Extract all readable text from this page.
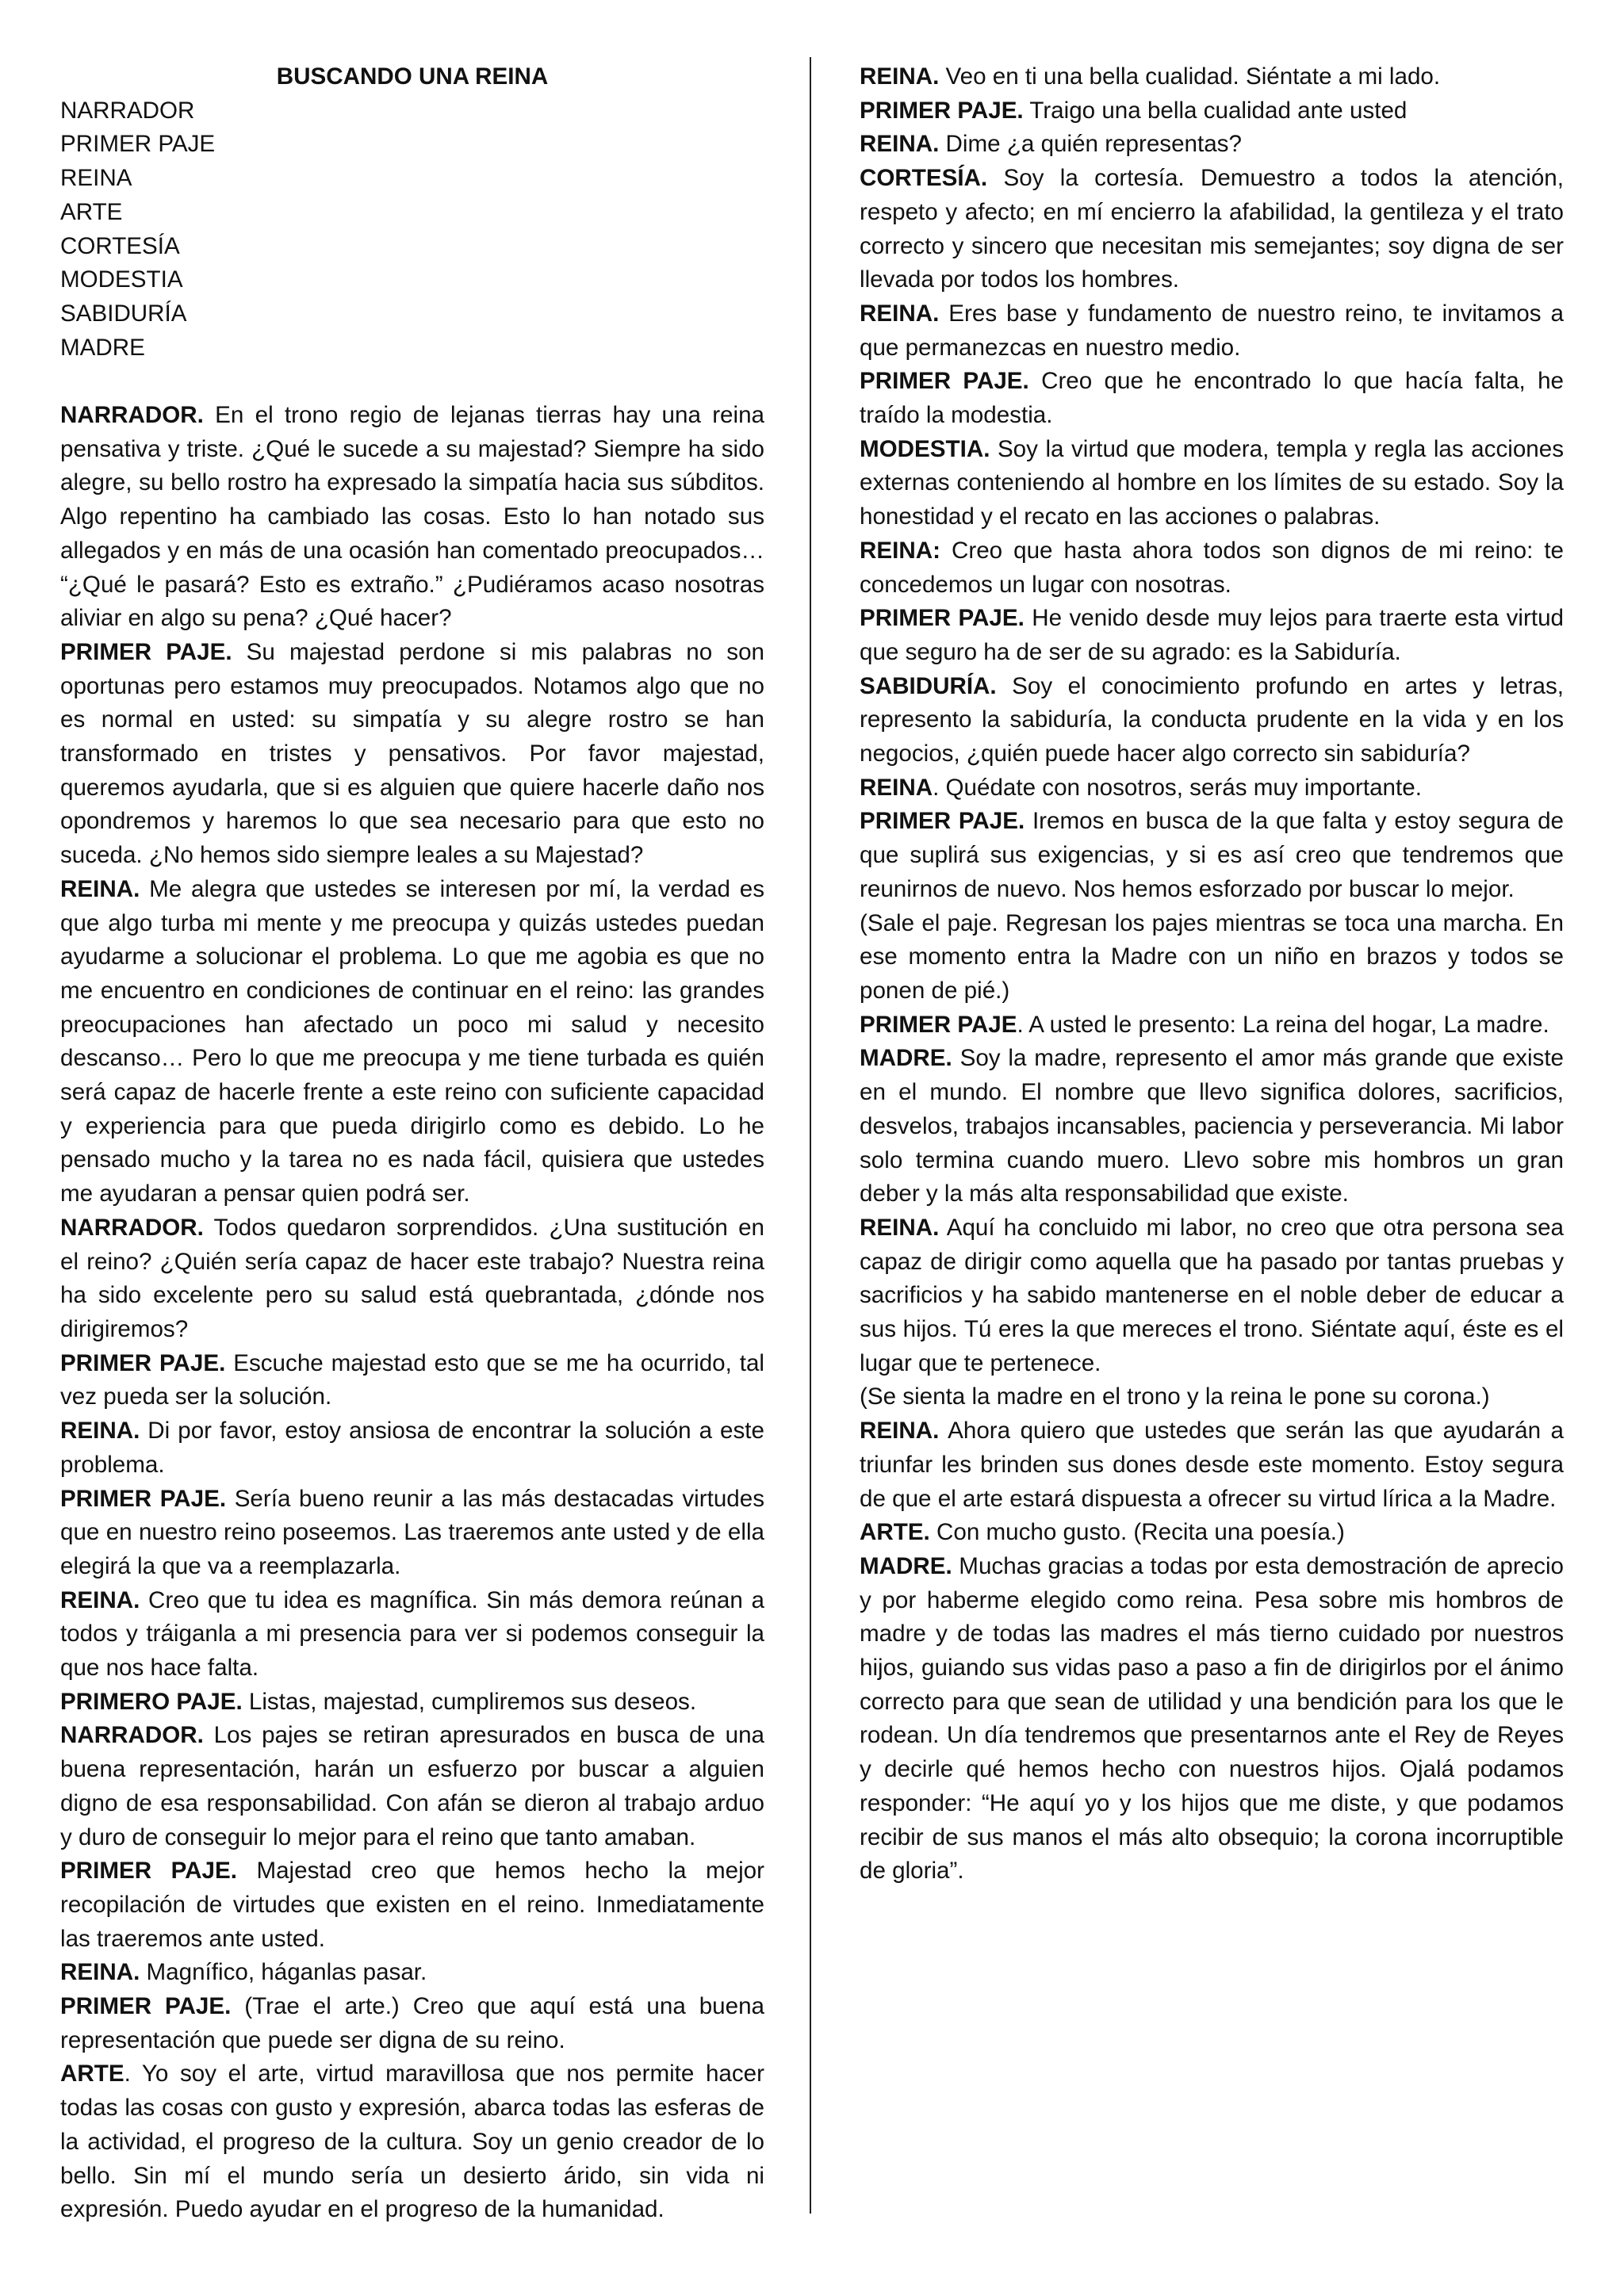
BUSCANDO UNA REINA

NARRADOR

PRIMER PAJE

REINA

ARTE

CORTESÍA

MODESTIA

SABIDURÍA

MADRE

NARRADOR. En el trono regio de lejanas tierras hay una reina pensativa y triste. ¿Qué le sucede a su majestad? Siempre ha sido alegre, su bello rostro ha expresado la simpatía hacia sus súbditos. Algo repentino ha cambiado las cosas. Esto lo han notado sus allegados y en más de una ocasión han comentado preocupados… “¿Qué le pasará? Esto es extraño.” ¿Pudiéramos acaso nosotras aliviar en algo su pena? ¿Qué hacer?

PRIMER PAJE. Su majestad perdone si mis palabras no son oportunas pero estamos muy preocupados. Notamos algo que no es normal en usted: su simpatía y su alegre rostro se han transformado en tristes y pensativos. Por favor majestad, queremos ayudarla, que si es alguien que quiere hacerle daño nos opondremos y haremos lo que sea necesario para que esto no suceda. ¿No hemos sido siempre leales a su Majestad?

REINA. Me alegra que ustedes se interesen por mí, la verdad es que algo turba mi mente y me preocupa y quizás ustedes puedan ayudarme a solucionar el problema. Lo que me agobia es que no me encuentro en condiciones de continuar en el reino: las grandes preocupaciones han afectado un poco mi salud y necesito descanso… Pero lo que me preocupa y me tiene turbada es quién será capaz de hacerle frente a este reino con suficiente capacidad y experiencia para que pueda dirigirlo como es debido. Lo he pensado mucho y la tarea no es nada fácil, quisiera que ustedes me ayudaran a pensar quien podrá ser.

NARRADOR. Todos quedaron sorprendidos. ¿Una sustitución en el reino? ¿Quién sería capaz de hacer este trabajo? Nuestra reina ha sido excelente pero su salud está quebrantada, ¿dónde nos dirigiremos?

PRIMER PAJE. Escuche majestad esto que se me ha ocurrido, tal vez pueda ser la solución.

REINA. Di por favor, estoy ansiosa de encontrar la solución a este problema.

PRIMER PAJE. Sería bueno reunir a las más destacadas virtudes que en nuestro reino poseemos. Las traeremos ante usted y de ella elegirá la que va a reemplazarla.

REINA. Creo que tu idea es magnífica. Sin más demora reúnan a todos y tráiganla a mi presencia para ver si podemos conseguir la que nos hace falta.

PRIMERO PAJE. Listas, majestad, cumpliremos sus deseos.

NARRADOR. Los pajes se retiran apresurados en busca de una buena representación, harán un esfuerzo por buscar a alguien digno de esa responsabilidad. Con afán se dieron al trabajo arduo y duro de conseguir lo mejor para el reino que tanto amaban.

PRIMER PAJE. Majestad creo que hemos hecho la mejor recopilación de virtudes que existen en el reino. Inmediatamente las traeremos ante usted.

REINA. Magnífico, háganlas pasar.

PRIMER PAJE. (Trae el arte.) Creo que aquí está una buena representación que puede ser digna de su reino.

ARTE. Yo soy el arte, virtud maravillosa que nos permite hacer todas las cosas con gusto y expresión, abarca todas las esferas de la actividad, el progreso de la cultura. Soy un genio creador de lo bello. Sin mí el mundo sería un desierto árido, sin vida ni expresión. Puedo ayudar en el progreso de la humanidad.

REINA. Veo en ti una bella cualidad. Siéntate a mi lado.

PRIMER PAJE. Traigo una bella cualidad ante usted

REINA. Dime ¿a quién representas?

CORTESÍA. Soy la cortesía. Demuestro a todos la atención, respeto y afecto; en mí encierro la afabilidad, la gentileza y el trato correcto y sincero que necesitan mis semejantes; soy digna de ser llevada por todos los hombres.

REINA. Eres base y fundamento de nuestro reino, te invitamos a que permanezcas en nuestro medio.

PRIMER PAJE. Creo que he encontrado lo que hacía falta, he traído la modestia.

MODESTIA. Soy la virtud que modera, templa y regla las acciones externas conteniendo al hombre en los límites de su estado. Soy la honestidad y el recato en las acciones o palabras.

REINA: Creo que hasta ahora todos son dignos de mi reino: te concedemos un lugar con nosotras.

PRIMER PAJE. He venido desde muy lejos para traerte esta virtud que seguro ha de ser de su agrado: es la Sabiduría.

SABIDURÍA. Soy el conocimiento profundo en artes y letras, represento la sabiduría, la conducta prudente en la vida y en los negocios, ¿quién puede hacer algo correcto sin sabiduría?

REINA. Quédate con nosotros, serás muy importante.

PRIMER PAJE. Iremos en busca de la que falta y estoy segura de que suplirá sus exigencias, y si es así creo que tendremos que reunirnos de nuevo. Nos hemos esforzado por buscar lo mejor.

(Sale el paje. Regresan los pajes mientras se toca una marcha. En ese momento entra la Madre con un niño en brazos y todos se ponen de pié.)

PRIMER PAJE. A usted le presento: La reina del hogar, La madre.

MADRE. Soy la madre, represento el amor más grande que existe en el mundo. El nombre que llevo significa dolores, sacrificios, desvelos, trabajos incansables, paciencia y perseverancia. Mi labor solo termina cuando muero. Llevo sobre mis hombros un gran deber y la más alta responsabilidad que existe.

REINA. Aquí ha concluido mi labor, no creo que otra persona sea capaz de dirigir como aquella que ha pasado por tantas pruebas y sacrificios y ha sabido mantenerse en el noble deber de educar a sus hijos. Tú eres la que mereces el trono. Siéntate aquí, éste es el lugar que te pertenece.

(Se sienta la madre en el trono y la reina le pone su corona.)

REINA. Ahora quiero que ustedes que serán las que ayudarán a triunfar les brinden sus dones desde este momento. Estoy segura de que el arte estará dispuesta a ofrecer su virtud lírica a la Madre.

ARTE. Con mucho gusto. (Recita una poesía.)

MADRE. Muchas gracias a todas por esta demostración de aprecio y por haberme elegido como reina. Pesa sobre mis hombros de madre y de todas las madres el más tierno cuidado por nuestros hijos, guiando sus vidas paso a paso a fin de dirigirlos por el ánimo correcto para que sean de utilidad y una bendición para los que le rodean. Un día tendremos que presentarnos ante el Rey de Reyes y decirle qué hemos hecho con nuestros hijos. Ojalá podamos responder: “He aquí yo y los hijos que me diste, y que podamos recibir de sus manos el más alto obsequio; la corona incorruptible de gloria”.
